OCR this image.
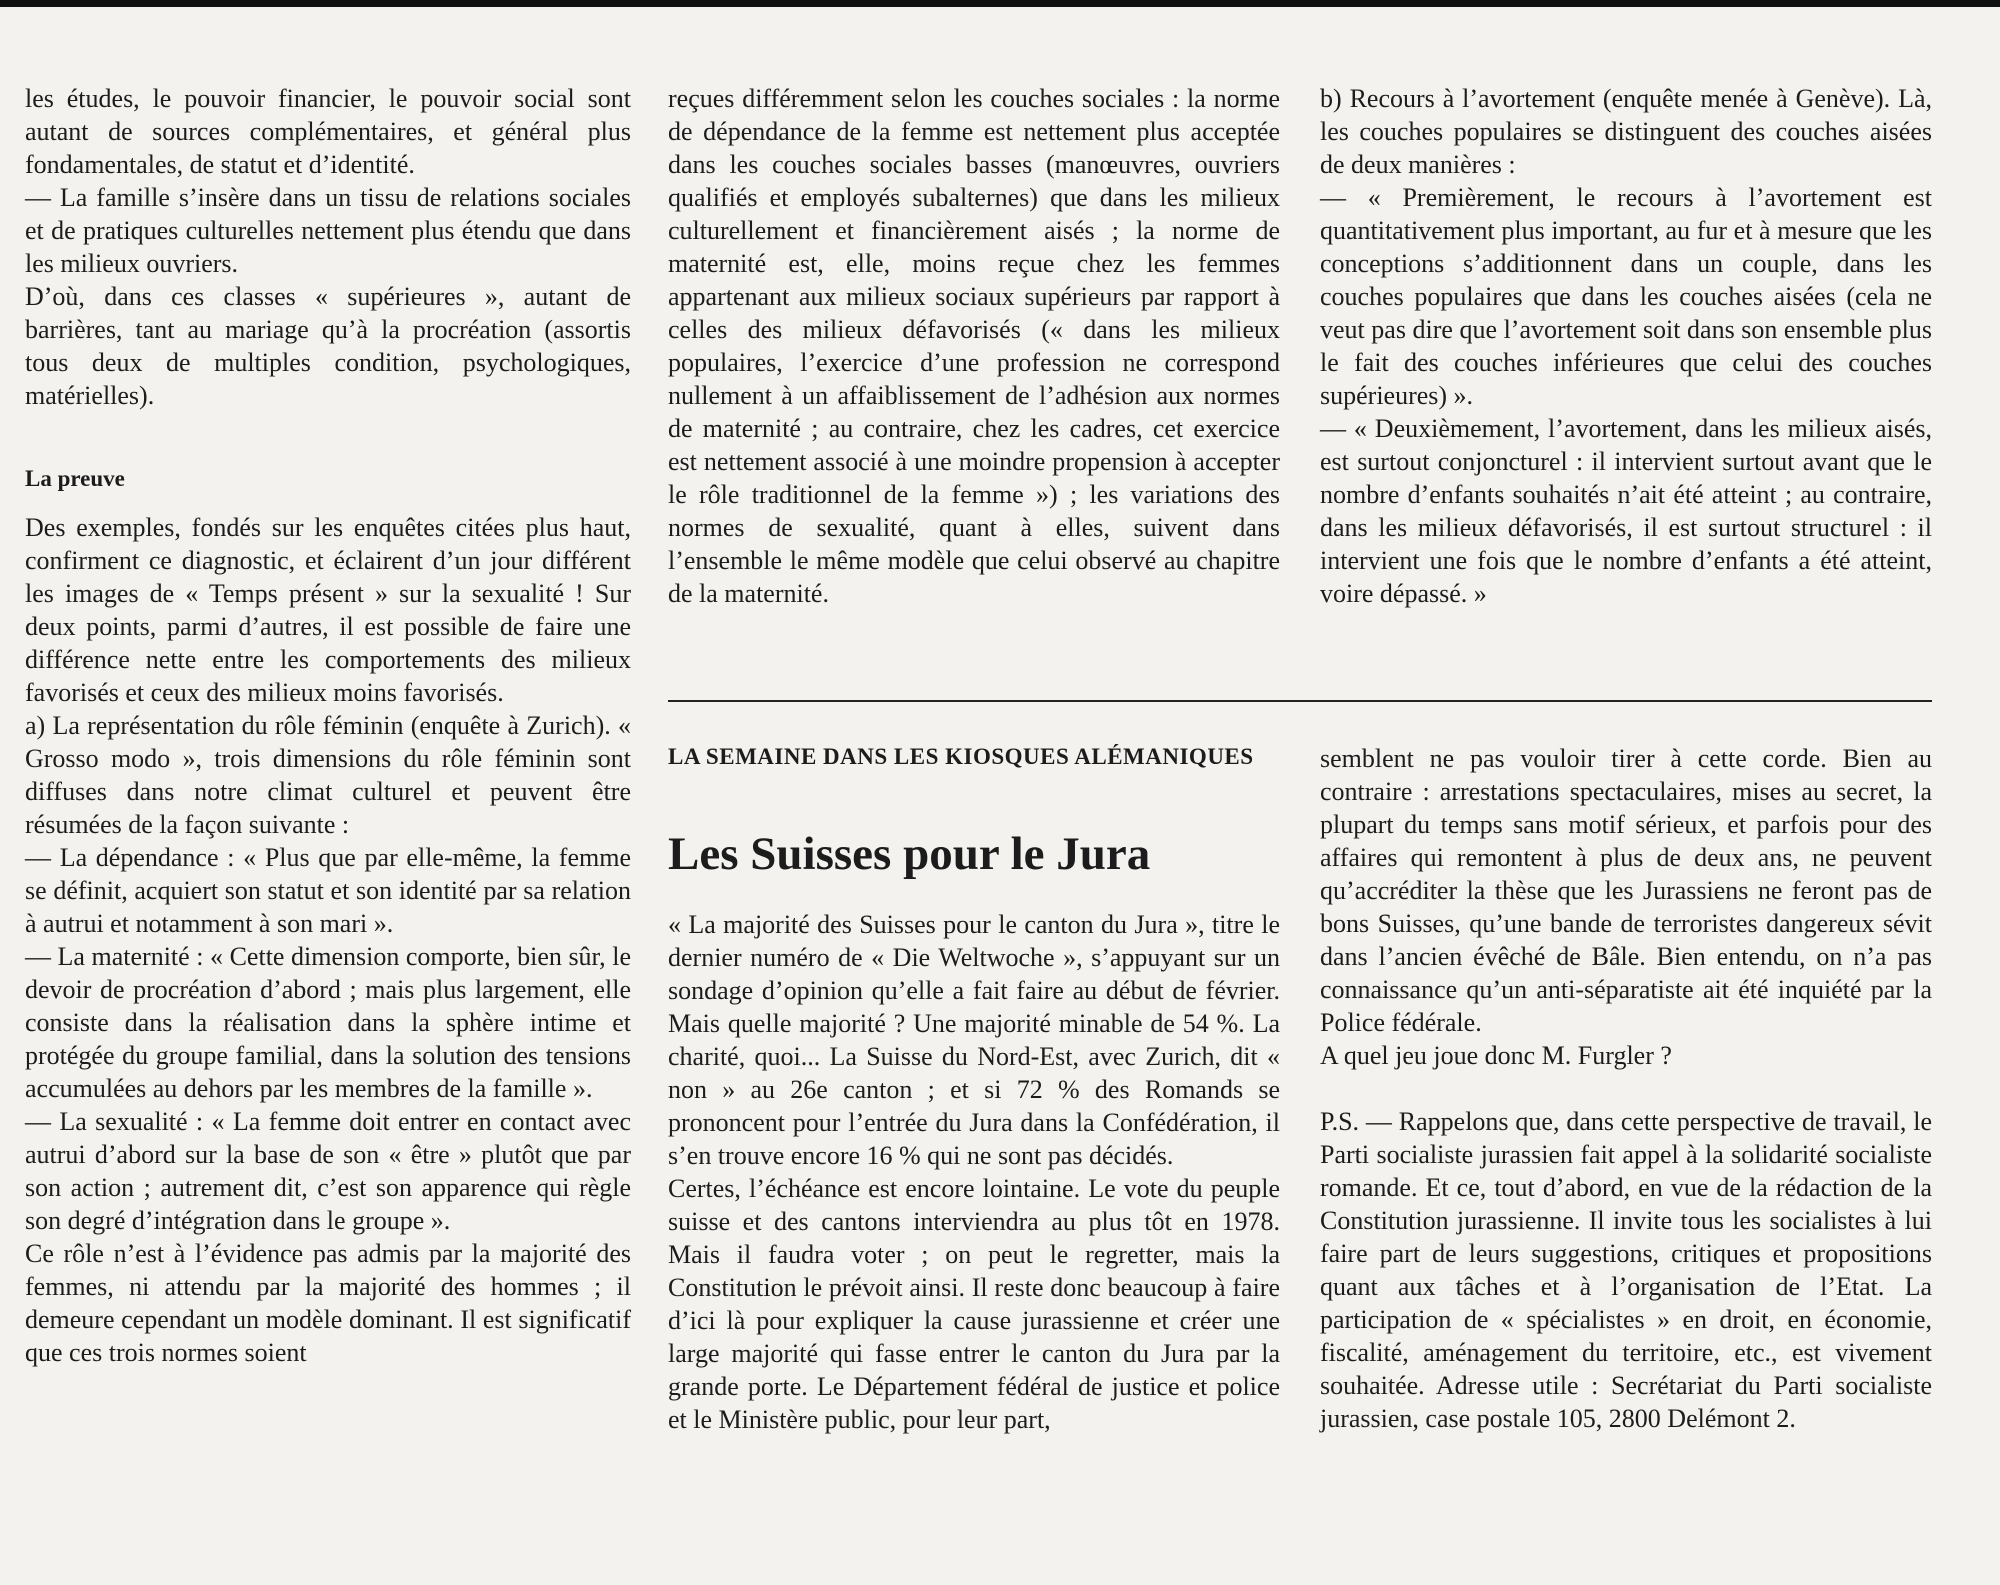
les études, le pouvoir financier, le pouvoir social sont autant de sources complémentaires, et général plus fondamentales, de statut et d’identité.

— La famille s’insère dans un tissu de relations sociales et de pratiques culturelles nettement plus étendu que dans les milieux ouvriers.

D’où, dans ces classes « supérieures », autant de barrières, tant au mariage qu’à la procréation (assortis tous deux de multiples condition, psychologiques, matérielles).

La preuve

Des exemples, fondés sur les enquêtes citées plus haut, confirment ce diagnostic, et éclairent d’un jour différent les images de « Temps présent » sur la sexualité ! Sur deux points, parmi d’autres, il est possible de faire une différence nette entre les comportements des milieux favorisés et ceux des milieux moins favorisés.

a) La représentation du rôle féminin (enquête à Zurich). « Grosso modo », trois dimensions du rôle féminin sont diffuses dans notre climat culturel et peuvent être résumées de la façon suivante :

— La dépendance : « Plus que par elle-même, la femme se définit, acquiert son statut et son identité par sa relation à autrui et notamment à son mari ».

— La maternité : « Cette dimension comporte, bien sûr, le devoir de procréation d’abord ; mais plus largement, elle consiste dans la réalisation dans la sphère intime et protégée du groupe familial, dans la solution des tensions accumulées au dehors par les membres de la famille ».

— La sexualité : « La femme doit entrer en contact avec autrui d’abord sur la base de son « être » plutôt que par son action ; autrement dit, c’est son apparence qui règle son degré d’intégration dans le groupe ».

Ce rôle n’est à l’évidence pas admis par la majorité des femmes, ni attendu par la majorité des hommes ; il demeure cependant un modèle dominant. Il est significatif que ces trois normes soient

reçues différemment selon les couches sociales : la norme de dépendance de la femme est nettement plus acceptée dans les couches sociales basses (manœuvres, ouvriers qualifiés et employés subalternes) que dans les milieux culturellement et financièrement aisés ; la norme de maternité est, elle, moins reçue chez les femmes appartenant aux milieux sociaux supérieurs par rapport à celles des milieux défavorisés (« dans les milieux populaires, l’exercice d’une profession ne correspond nullement à un affaiblissement de l’adhésion aux normes de maternité ; au contraire, chez les cadres, cet exercice est nettement associé à une moindre propension à accepter le rôle traditionnel de la femme ») ; les variations des normes de sexualité, quant à elles, suivent dans l’ensemble le même modèle que celui observé au chapitre de la maternité.

b) Recours à l’avortement (enquête menée à Genève). Là, les couches populaires se distinguent des couches aisées de deux manières :

— « Premièrement, le recours à l’avortement est quantitativement plus important, au fur et à mesure que les conceptions s’additionnent dans un couple, dans les couches populaires que dans les couches aisées (cela ne veut pas dire que l’avortement soit dans son ensemble plus le fait des couches inférieures que celui des couches supérieures) ».

— « Deuxièmement, l’avortement, dans les milieux aisés, est surtout conjoncturel : il intervient surtout avant que le nombre d’enfants souhaités n’ait été atteint ; au contraire, dans les milieux défavorisés, il est surtout structurel : il intervient une fois que le nombre d’enfants a été atteint, voire dépassé. »

LA SEMAINE DANS LES KIOSQUES ALÉMANIQUES
Les Suisses pour le Jura

« La majorité des Suisses pour le canton du Jura », titre le dernier numéro de « Die Weltwoche », s’appuyant sur un sondage d’opinion qu’elle a fait faire au début de février. Mais quelle majorité ? Une majorité minable de 54 %. La charité, quoi... La Suisse du Nord-Est, avec Zurich, dit « non » au 26e canton ; et si 72 % des Romands se prononcent pour l’entrée du Jura dans la Confédération, il s’en trouve encore 16 % qui ne sont pas décidés.

Certes, l’échéance est encore lointaine. Le vote du peuple suisse et des cantons interviendra au plus tôt en 1978. Mais il faudra voter ; on peut le regretter, mais la Constitution le prévoit ainsi. Il reste donc beaucoup à faire d’ici là pour expliquer la cause jurassienne et créer une large majorité qui fasse entrer le canton du Jura par la grande porte. Le Département fédéral de justice et police et le Ministère public, pour leur part,

semblent ne pas vouloir tirer à cette corde. Bien au contraire : arrestations spectaculaires, mises au secret, la plupart du temps sans motif sérieux, et parfois pour des affaires qui remontent à plus de deux ans, ne peuvent qu’accréditer la thèse que les Jurassiens ne feront pas de bons Suisses, qu’une bande de terroristes dangereux sévit dans l’ancien évêché de Bâle. Bien entendu, on n’a pas connaissance qu’un anti-séparatiste ait été inquiété par la Police fédérale.

A quel jeu joue donc M. Furgler ?

P.S. — Rappelons que, dans cette perspective de travail, le Parti socialiste jurassien fait appel à la solidarité socialiste romande. Et ce, tout d’abord, en vue de la rédaction de la Constitution jurassienne. Il invite tous les socialistes à lui faire part de leurs suggestions, critiques et propositions quant aux tâches et à l’organisation de l’Etat. La participation de « spécialistes » en droit, en économie, fiscalité, aménagement du territoire, etc., est vivement souhaitée. Adresse utile : Secrétariat du Parti socialiste jurassien, case postale 105, 2800 Delémont 2.
